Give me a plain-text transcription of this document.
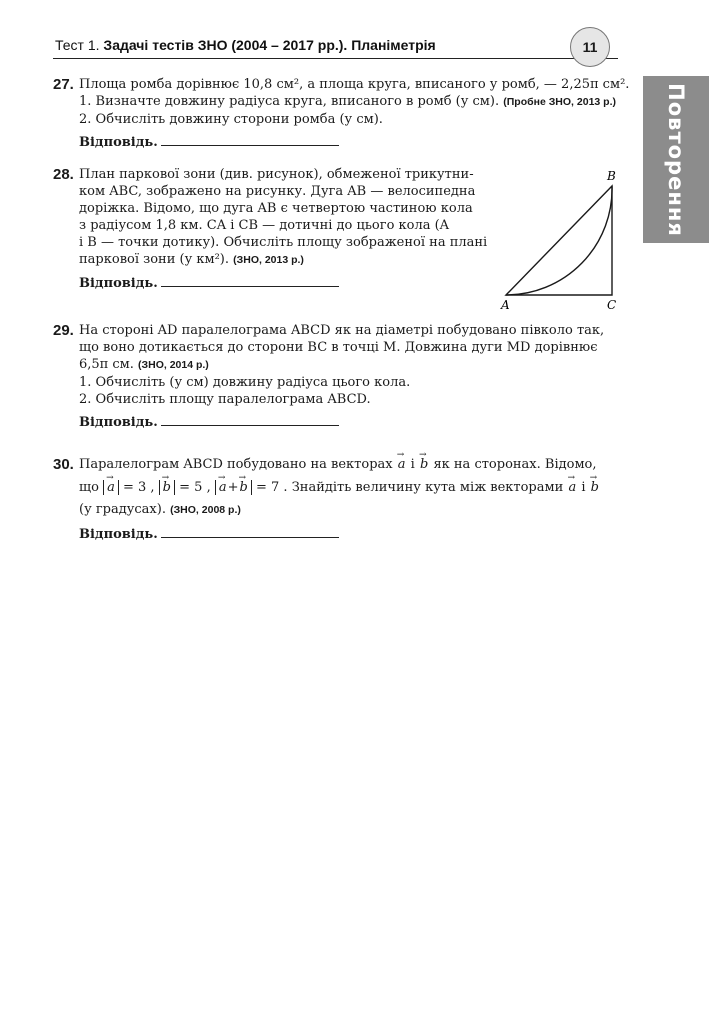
Тест 1. Задачі тестів ЗНО (2004 – 2017 рр.). Планіметрія	11
Повторення
27. Площа ромба дорівнює 10,8 см², а площа круга, вписаного у ромб, — 2,25π см².
1. Визначте довжину радіуса круга, вписаного в ромб (у см). (Пробне ЗНО, 2013 р.)
2. Обчисліть довжину сторони ромба (у см).
Відповідь.
28. План паркової зони (див. рисунок), обмеженої трикутни-
ком ABC, зображено на рисунку. Дуга AB — велосипедна
доріжка. Відомо, що дуга AB є четвертою частиною кола
з радіусом 1,8 км. CA і CB — дотичні до цього кола (A
і B — точки дотику). Обчисліть площу зображеної на плані
паркової зони (у км²). (ЗНО, 2013 р.)
Відповідь.
A
B
C
29. На стороні AD паралелограма ABCD як на діаметрі побудовано півколо так,
що воно дотикається до сторони BC в точці M. Довжина дуги MD дорівнює
6,5π см. (ЗНО, 2014 р.)
1. Обчисліть (у см) довжину радіуса цього кола.
2. Обчисліть площу паралелограма ABCD.
Відповідь.
30. Паралелограм ABCD побудовано на векторах → a і → b як на сторонах. Відомо,
що → a = 3 , → b = 5 , → a+→ b = 7 . Знайдіть величину кута між векторами → a і → b
(у градусах). (ЗНО, 2008 р.)
Відповідь.
